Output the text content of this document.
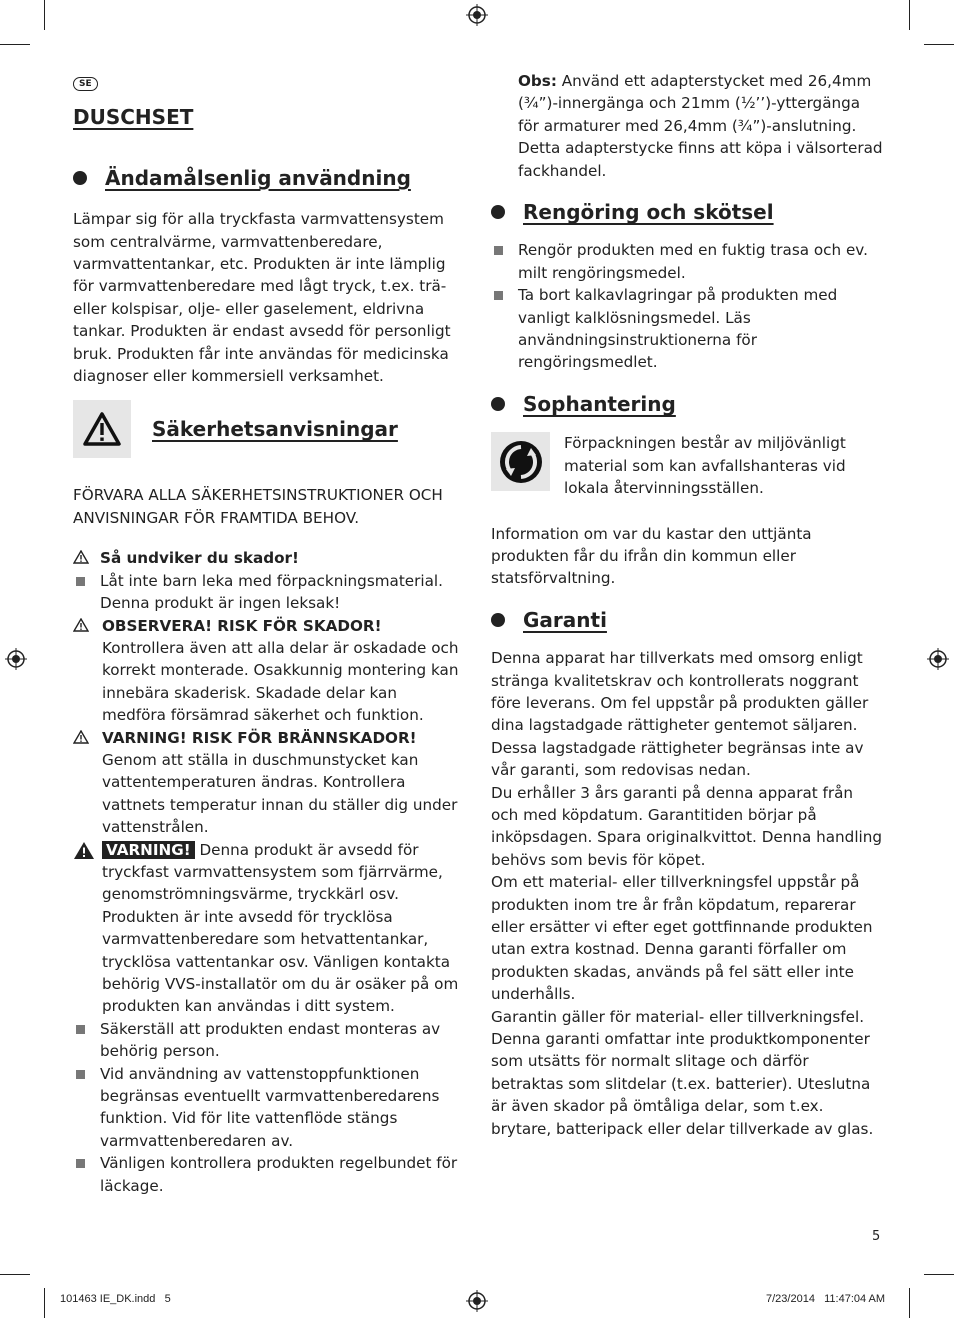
SE
DUSCHSET
Ändamålsenlig användning

Lämpar sig för alla tryckfasta varmvattensystem som centralvärme, varmvattenberedare, varmvattentankar, etc. Produkten är inte lämplig för varmvattenberedare med lågt tryck, t.ex. trä- eller kolspisar, olje- eller gaselement, eldrivna tankar. Produkten är endast avsedd för personligt bruk. Produkten får inte användas för medicinska diagnoser eller kommersiell verksamhet.

Säkerhetsanvisningar

FÖRVARA ALLA SÄKERHETSINSTRUKTIONER OCH ANVISNINGAR FÖR FRAMTIDA BEHOV.

Så undviker du skador!
Låt inte barn leka med förpackningsmaterial. Denna produkt är ingen leksak!
OBSERVERA! RISK FÖR SKADOR!
Kontrollera även att alla delar är oskadade och korrekt monterade. Osakkunnig montering kan innebära skaderisk. Skadade delar kan medföra försämrad säkerhet och funktion.
VARNING! RISK FÖR BRÄNNSKADOR!
Genom att ställa in duschmunstycket kan vattentemperaturen ändras. Kontrollera vattnets temperatur innan du ställer dig under vattenstrålen.
VARNING! Denna produkt är avsedd för tryckfast varmvattensystem som fjärrvärme, genomströmningsvärme, tryckkärl osv. Produkten är inte avsedd för trycklösa varmvattenberedare som hetvattentankar, trycklösa vattentankar osv. Vänligen kontakta behörig VVS-installatör om du är osäker på om produkten kan användas i ditt system.
Säkerställ att produkten endast monteras av behörig person.
Vid användning av vattenstoppfunktionen begränsas eventuellt varmvattenberedarens funktion. Vid för lite vattenflöde stängs varmvattenberedaren av.
Vänligen kontrollera produkten regelbundet för läckage.

Obs: Använd ett adapterstycket med 26,4mm (¾”)-innergänga och 21mm (½’’)-yttergänga för armaturer med 26,4mm (¾”)-anslutning. Detta adapterstycke finns att köpa i välsorterad fackhandel.

Rengöring och skötsel
Rengör produkten med en fuktig trasa och ev. milt rengöringsmedel.
Ta bort kalkavlagringar på produkten med vanligt kalklösningsmedel. Läs användningsinstruktionerna för rengöringsmedlet.
Sophantering

Förpackningen består av miljövänligt material som kan avfallshanteras vid lokala återvinningsställen.

Information om var du kastar den uttjänta produkten får du ifrån din kommun eller statsförvaltning.

Garanti

Denna apparat har tillverkats med omsorg enligt stränga kvalitetskrav och kontrollerats noggrant före leverans. Om fel uppstår på produkten gäller dina lagstadgade rättigheter gentemot säljaren. Dessa lagstadgade rättigheter begränsas inte av vår garanti, som redovisas nedan.

Du erhåller 3 års garanti på denna apparat från och med köpdatum. Garantitiden börjar på inköpsdagen. Spara originalkvittot. Denna handling behövs som bevis för köpet.

Om ett material- eller tillverkningsfel uppstår på produkten inom tre år från köpdatum, reparerar eller ersätter vi efter eget gottfinnande produkten utan extra kostnad. Denna garanti förfaller om produkten skadas, används på fel sätt eller inte underhålls.

Garantin gäller för material- eller tillverkningsfel. Denna garanti omfattar inte produktkomponenter som utsätts för normalt slitage och därför betraktas som slitdelar (t.ex. batterier). Uteslutna är även skador på ömtåliga delar, som t.ex. brytare, batteripack eller delar tillverkade av glas.

5
101463 IE_DK.indd   5	7/23/2014   11:47:04 AM
